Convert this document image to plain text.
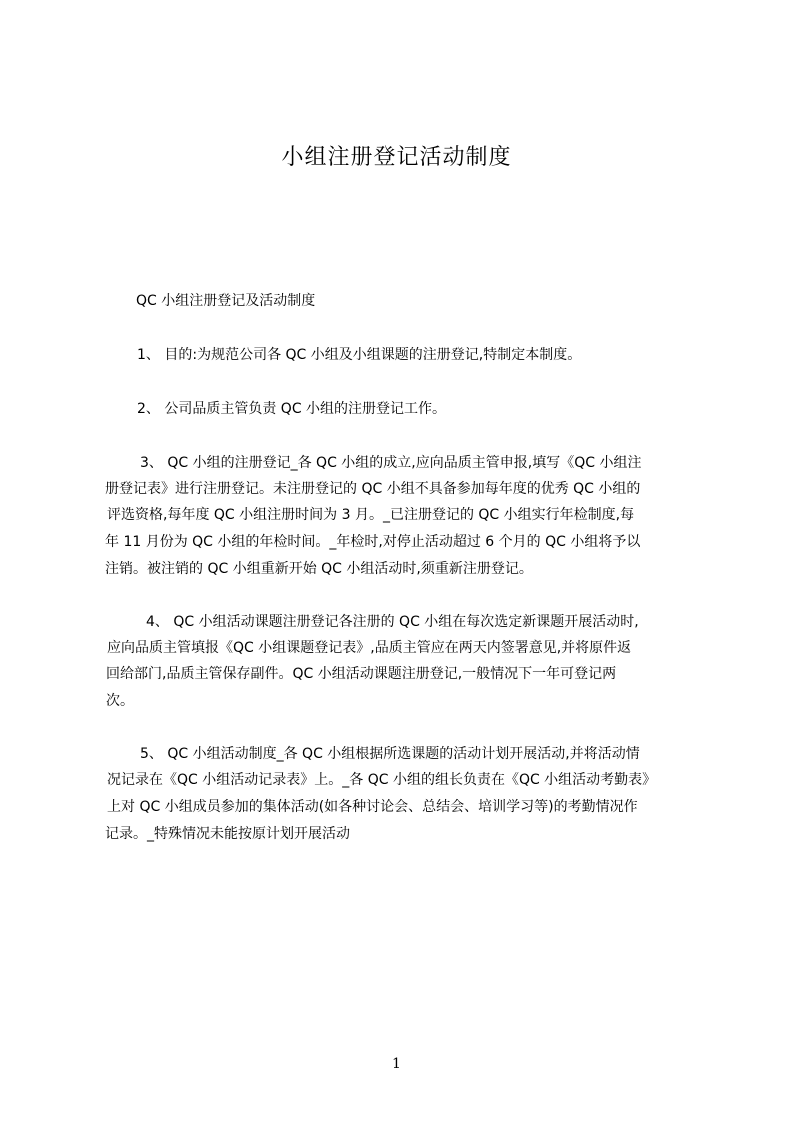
小组注册登记活动制度
QC 小组注册登记及活动制度
1、 目的:为规范公司各 QC 小组及小组课题的注册登记,特制定本制度。
2、 公司品质主管负责 QC 小组的注册登记工作。
3、 QC 小组的注册登记_各 QC 小组的成立,应向品质主管申报,填写《QC 小组注
册登记表》进行注册登记。未注册登记的 QC 小组不具备参加每年度的优秀 QC 小组的
评选资格,每年度 QC 小组注册时间为 3 月。_已注册登记的 QC 小组实行年检制度,每
年 11 月份为 QC 小组的年检时间。_年检时,对停止活动超过 6 个月的 QC 小组将予以
注销。被注销的 QC 小组重新开始 QC 小组活动时,须重新注册登记。
4、 QC 小组活动课题注册登记各注册的 QC 小组在每次选定新课题开展活动时,
应向品质主管填报《QC 小组课题登记表》,品质主管应在两天内签署意见,并将原件返
回给部门,品质主管保存副件。QC 小组活动课题注册登记,一般情况下一年可登记两
次。
5、 QC 小组活动制度_各 QC 小组根据所选课题的活动计划开展活动,并将活动情
况记录在《QC 小组活动记录表》上。_各 QC 小组的组长负责在《QC 小组活动考勤表》
上对 QC 小组成员参加的集体活动(如各种讨论会、总结会、培训学习等)的考勤情况作
记录。_特殊情况未能按原计划开展活动
1
